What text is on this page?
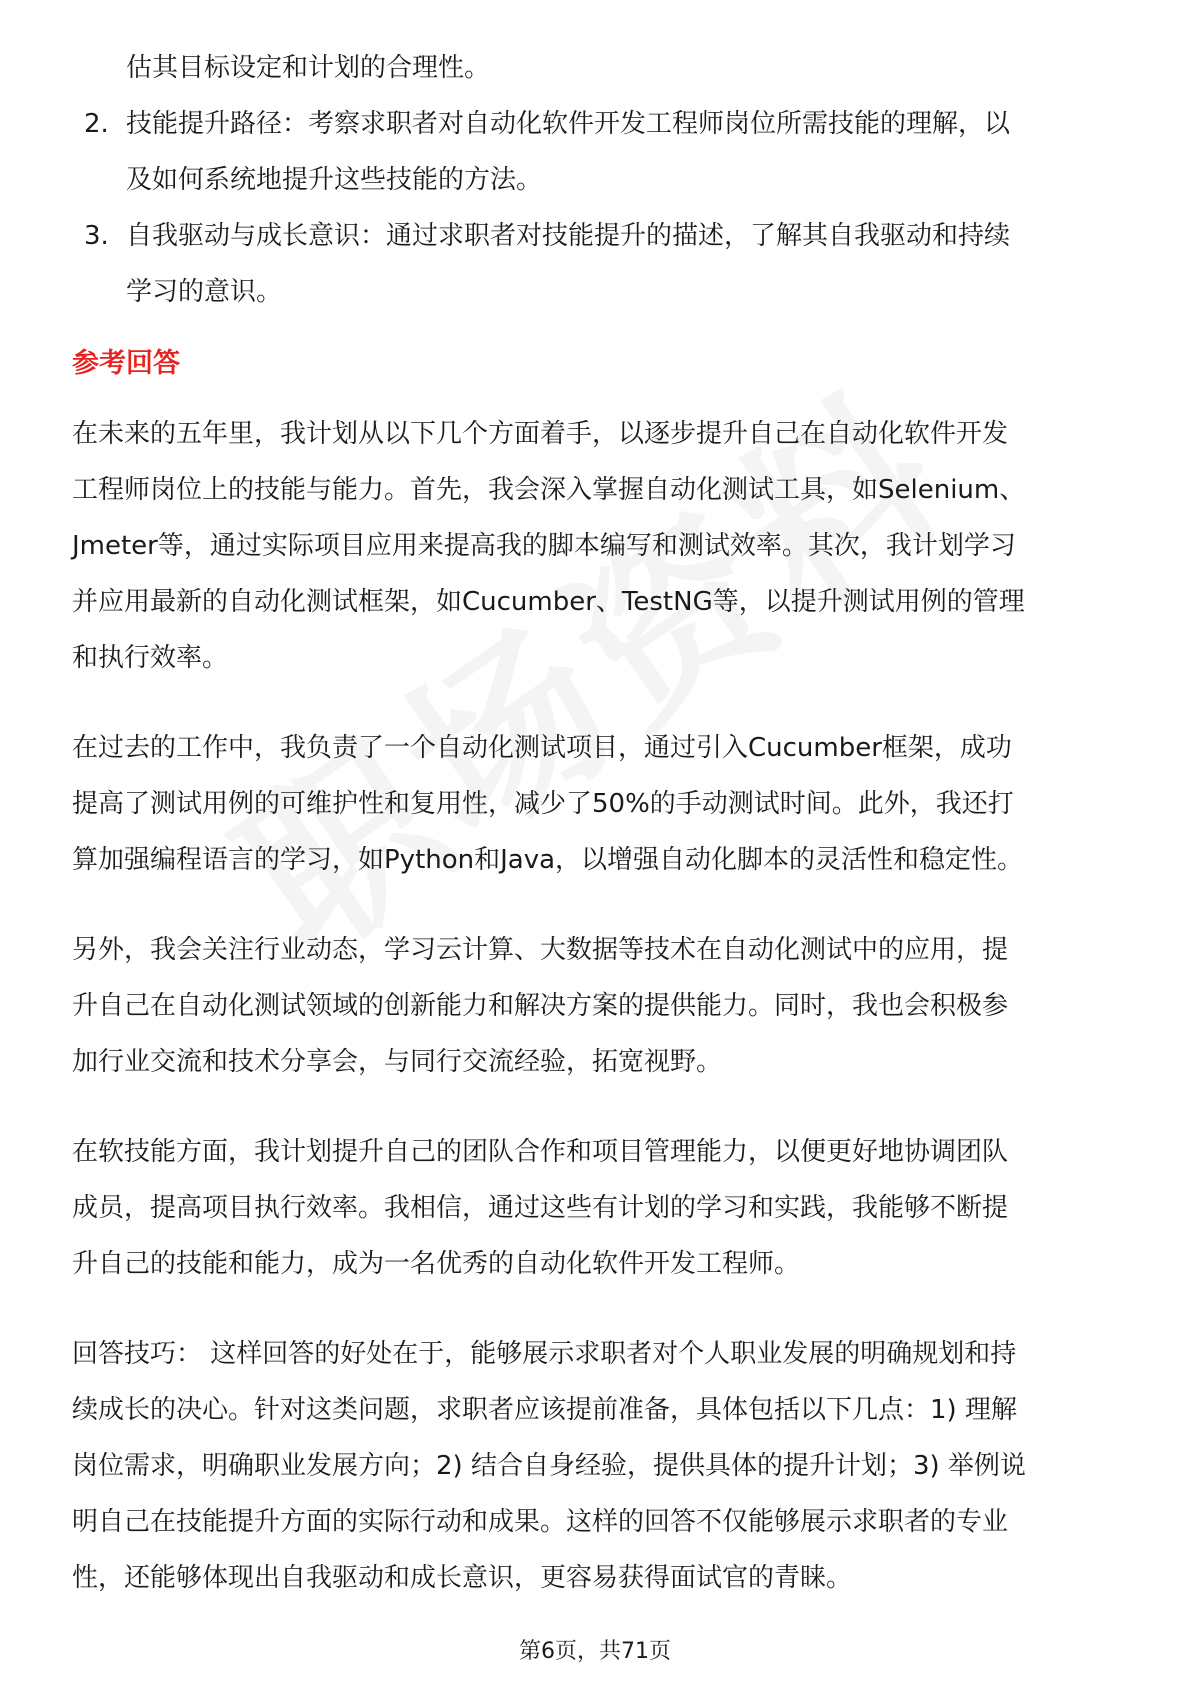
估其目标设定和计划的合理性。
2. 技能提升路径：考察求职者对自动化软件开发工程师岗位所需技能的理解，以
及如何系统地提升这些技能的方法。
3. 自我驱动与成长意识：通过求职者对技能提升的描述，了解其自我驱动和持续
学习的意识。
参考回答
在未来的五年里，我计划从以下几个方面着手，以逐步提升自己在自动化软件开发
工程师岗位上的技能与能力。首先，我会深入掌握自动化测试工具，如Selenium、
Jmeter等，通过实际项目应用来提高我的脚本编写和测试效率。其次，我计划学习
并应用最新的自动化测试框架，如Cucumber、TestNG等，以提升测试用例的管理
和执行效率。
在过去的工作中，我负责了一个自动化测试项目，通过引入Cucumber框架，成功
提高了测试用例的可维护性和复用性，减少了50%的手动测试时间。此外，我还打
算加强编程语言的学习，如Python和Java，以增强自动化脚本的灵活性和稳定性。
另外，我会关注行业动态，学习云计算、大数据等技术在自动化测试中的应用，提
升自己在自动化测试领域的创新能力和解决方案的提供能力。同时，我也会积极参
加行业交流和技术分享会，与同行交流经验，拓宽视野。
在软技能方面，我计划提升自己的团队合作和项目管理能力，以便更好地协调团队
成员，提高项目执行效率。我相信，通过这些有计划的学习和实践，我能够不断提
升自己的技能和能力，成为一名优秀的自动化软件开发工程师。
回答技巧： 这样回答的好处在于，能够展示求职者对个人职业发展的明确规划和持
续成长的决心。针对这类问题，求职者应该提前准备，具体包括以下几点：1) 理解
岗位需求，明确职业发展方向；2) 结合自身经验，提供具体的提升计划；3) 举例说
明自己在技能提升方面的实际行动和成果。这样的回答不仅能够展示求职者的专业
性，还能够体现出自我驱动和成长意识，更容易获得面试官的青睐。
第6页，共71页
